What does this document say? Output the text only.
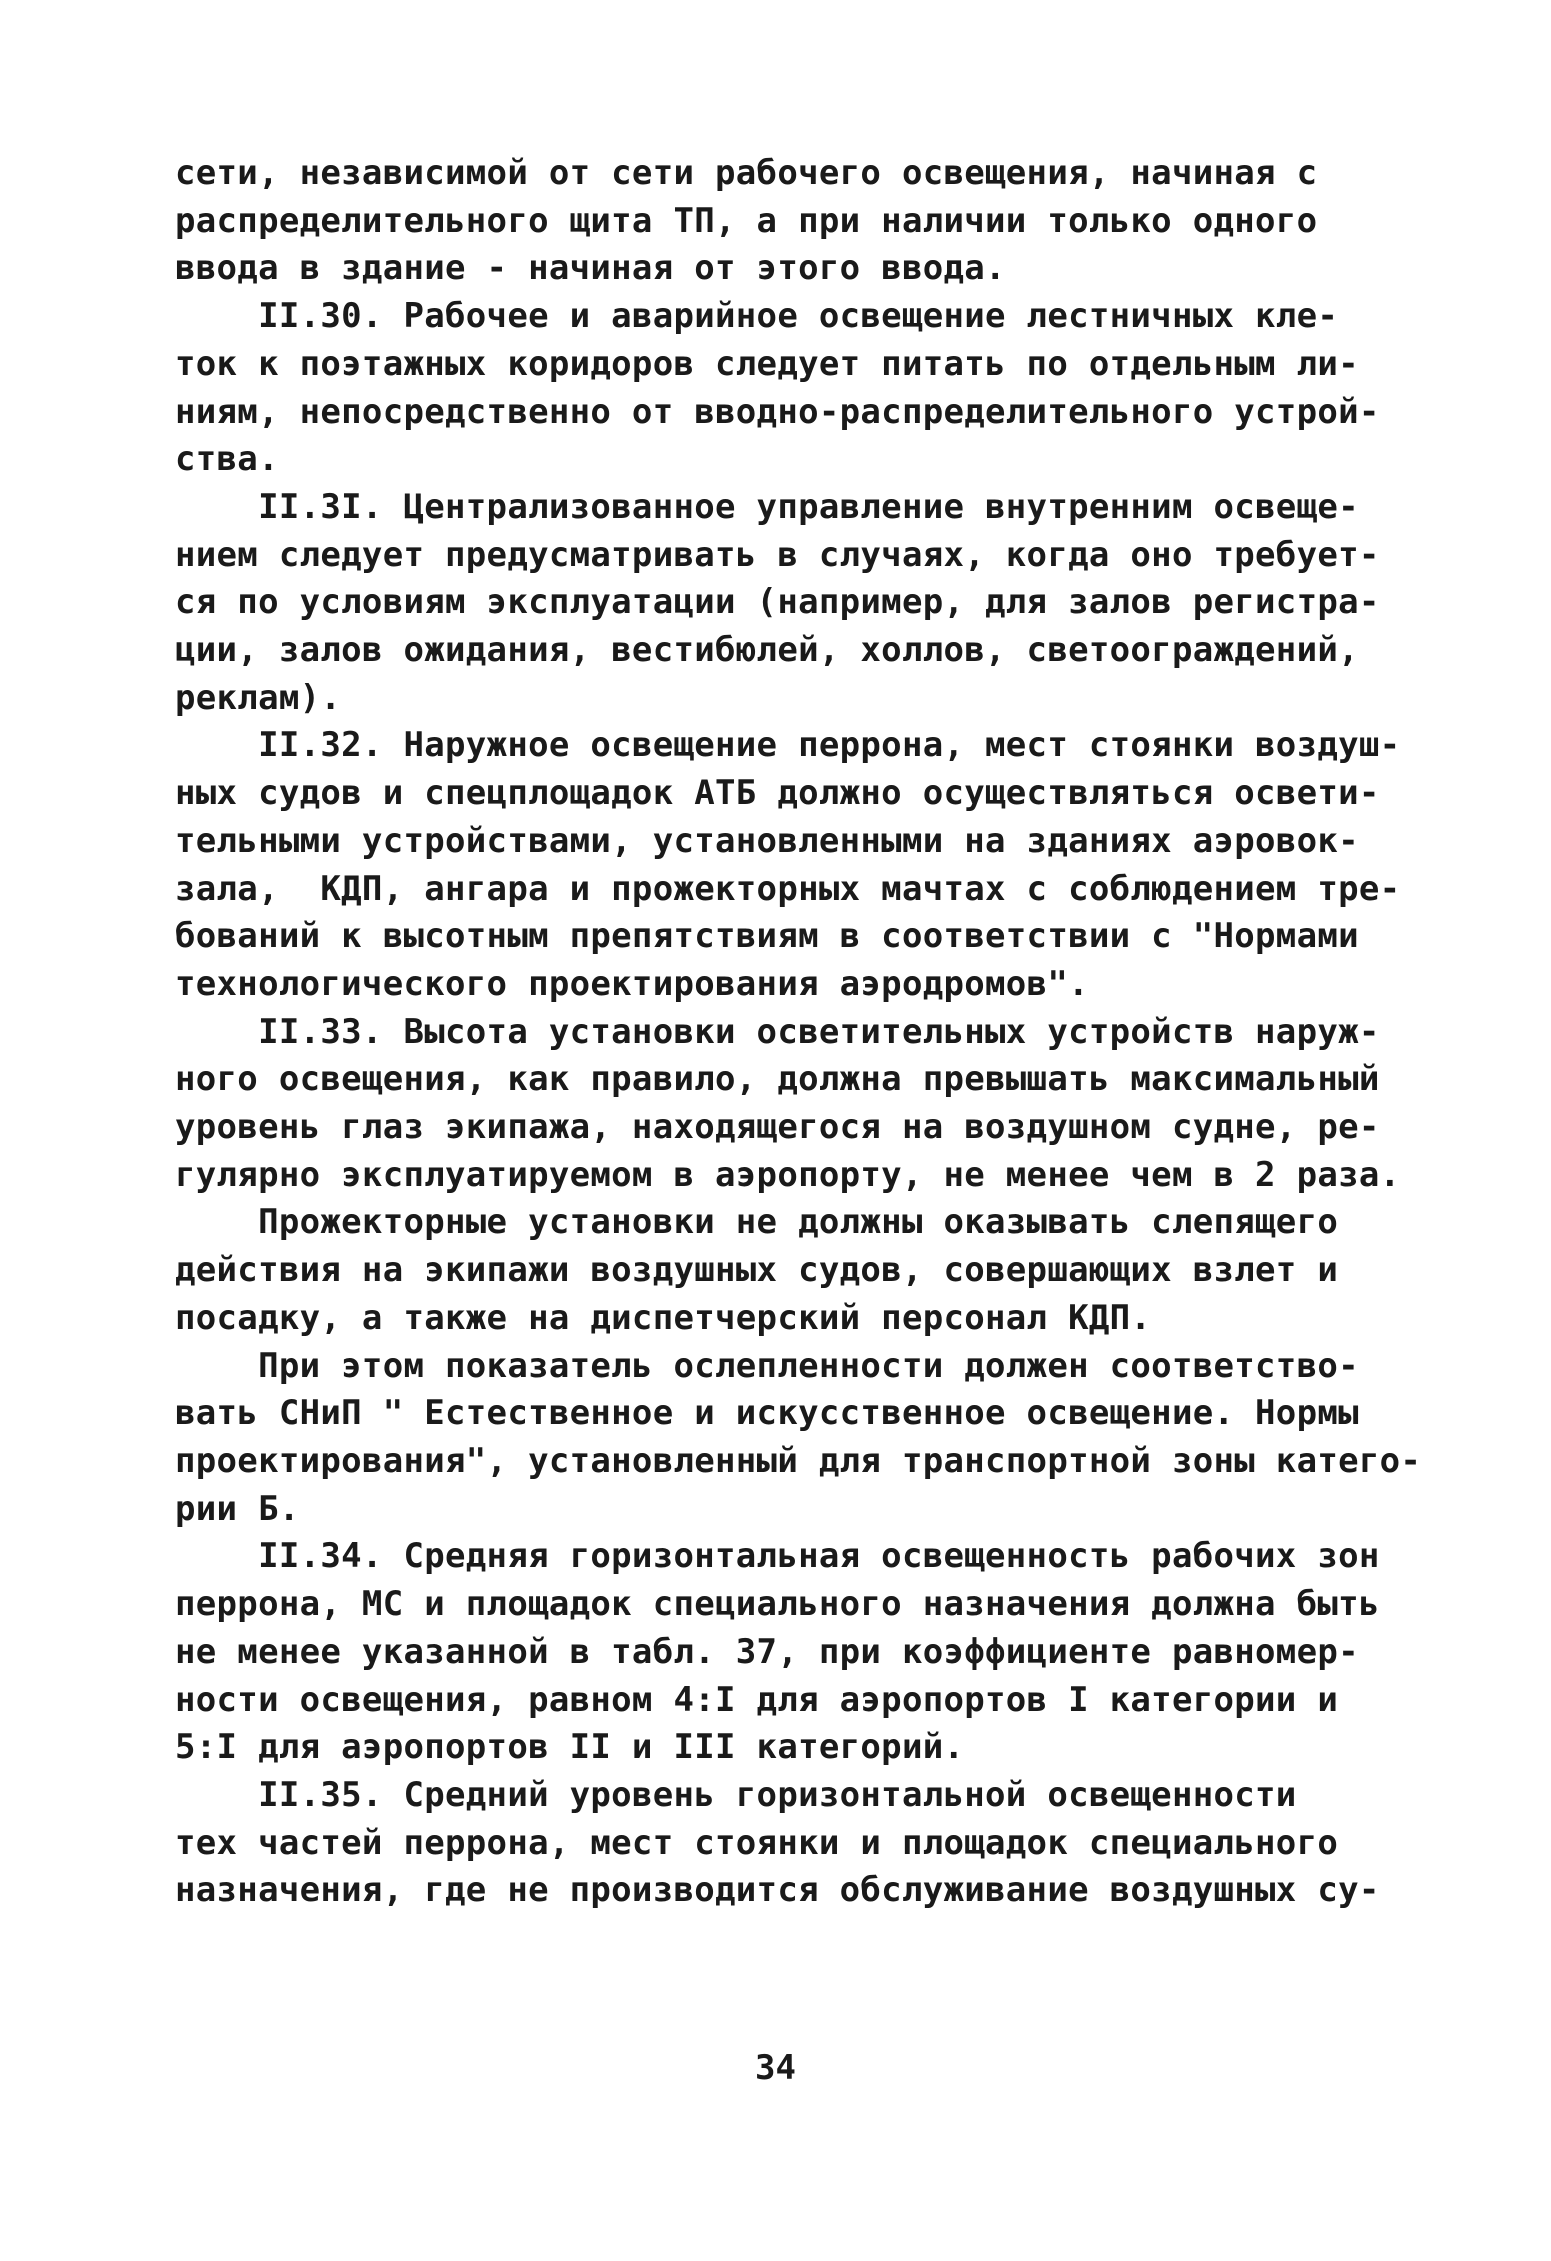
сети, независимой от сети рабочего освещения, начиная с
распределительного щита ТП, а при наличии только одного
ввода в здание - начиная от этого ввода.
II.30. Рабочее и аварийное освещение лестничных кле-
ток к поэтажных коридоров следует питать по отдельным ли-
ниям, непосредственно от вводно-распределительного устрой-
ства.
II.3I. Централизованное управление внутренним освеще-
нием следует предусматривать в случаях, когда оно требует-
ся по условиям эксплуатации (например, для залов регистра-
ции, залов ожидания, вестибюлей, холлов, светоограждений,
реклам).
II.32. Наружное освещение перрона, мест стоянки воздуш-
ных судов и спецплощадок АТБ должно осуществляться освети-
тельными устройствами, установленными на зданиях аэровок-
зала,  КДП, ангара и прожекторных мачтах с соблюдением тре-
бований к высотным препятствиям в соответствии с "Нормами
технологического проектирования аэродромов".
II.33. Высота установки осветительных устройств наруж-
ного освещения, как правило, должна превышать максимальный
уровень глаз экипажа, находящегося на воздушном судне, ре-
гулярно эксплуатируемом в аэропорту, не менее чем в 2 раза.
Прожекторные установки не должны оказывать слепящего
действия на экипажи воздушных судов, совершающих взлет и
посадку, а также на диспетчерский персонал КДП.
При этом показатель ослепленности должен соответство-
вать СНиП " Естественное и искусственное освещение. Нормы
проектирования", установленный для транспортной зоны катего-
рии Б.
II.34. Средняя горизонтальная освещенность рабочих зон
перрона, МС и площадок специального назначения должна быть
не менее указанной в табл. 37, при коэффициенте равномер-
ности освещения, равном 4:I для аэропортов I категории и
5:I для аэропортов II и III категорий.
II.35. Средний уровень горизонтальной освещенности
тех частей перрона, мест стоянки и площадок специального
назначения, где не производится обслуживание воздушных су-
34
